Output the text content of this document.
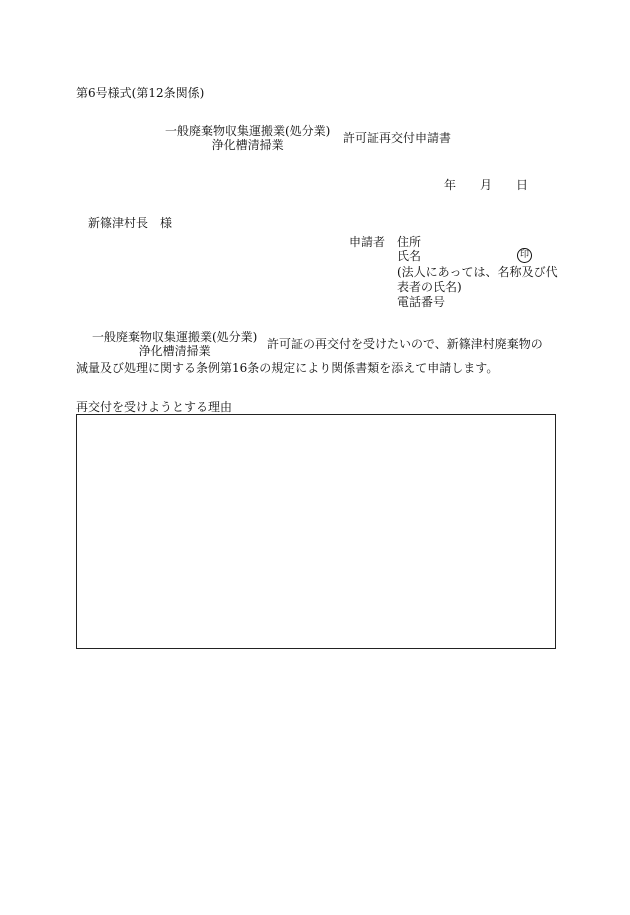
第6号様式(第12条関係)
一般廃棄物収集運搬業(処分業)
浄化槽清掃業
許可証再交付申請書
年 月 日
新篠津村長　様
申請者 住所
氏名	印
(法人にあっては、名称及び代
表者の氏名)
電話番号
一般廃棄物収集運搬業(処分業)
浄化槽清掃業
許可証の再交付を受けたいので、新篠津村廃棄物の
減量及び処理に関する条例第16条の規定により関係書類を添えて申請します。
再交付を受けようとする理由
